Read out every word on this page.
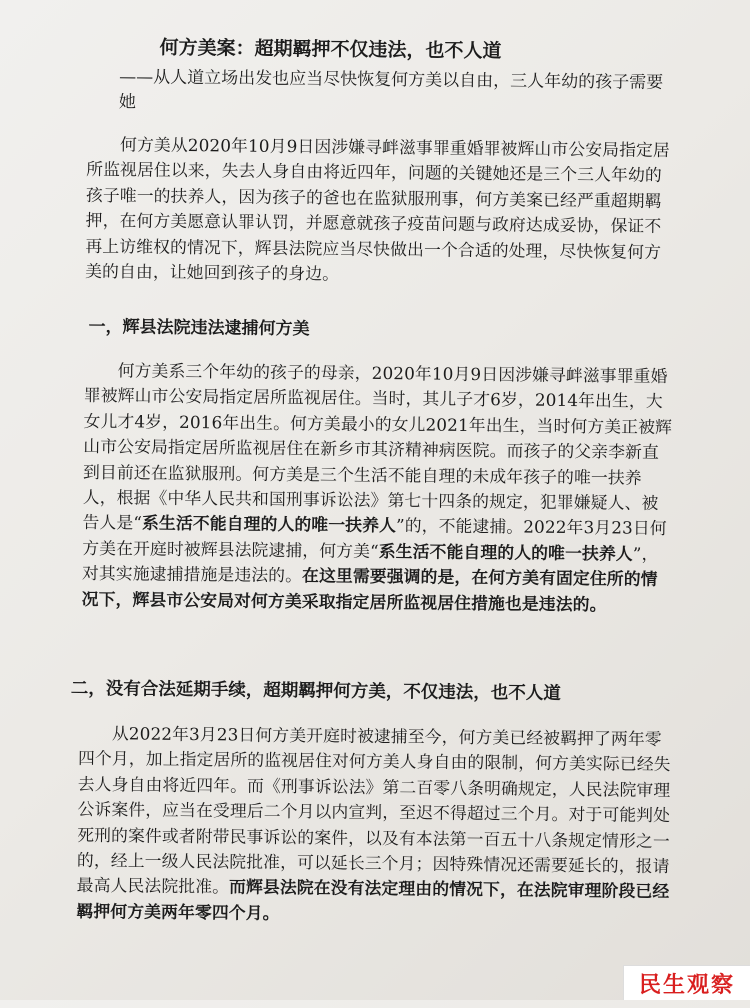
何方美案：超期羁押不仅违法，也不人道

——从人道立场出发也应当尽快恢复何方美以自由，三人年幼的孩子需要她

何方美从2020年10月9日因涉嫌寻衅滋事罪重婚罪被辉山市公安局指定居所监视居住以来，失去人身自由将近四年，问题的关键她还是三个三人年幼的孩子唯一的扶养人，因为孩子的爸也在监狱服刑事，何方美案已经严重超期羁押，在何方美愿意认罪认罚，并愿意就孩子疫苗问题与政府达成妥协，保证不再上访维权的情况下，辉县法院应当尽快做出一个合适的处理，尽快恢复何方美的自由，让她回到孩子的身边。

一，辉县法院违法逮捕何方美

何方美系三个年幼的孩子的母亲，2020年10月9日因涉嫌寻衅滋事罪重婚罪被辉山市公安局指定居所监视居住。当时，其儿子才6岁，2014年出生，大女儿才4岁，2016年出生。何方美最小的女儿2021年出生，当时何方美正被辉山市公安局指定居所监视居住在新乡市其济精神病医院。而孩子的父亲李新直到目前还在监狱服刑。何方美是三个生活不能自理的未成年孩子的唯一扶养人，根据《中华人民共和国刑事诉讼法》第七十四条的规定，犯罪嫌疑人、被告人是“系生活不能自理的人的唯一扶养人”的，不能逮捕。2022年3月23日何方美在开庭时被辉县法院逮捕，何方美“系生活不能自理的人的唯一扶养人”，对其实施逮捕措施是违法的。在这里需要强调的是，在何方美有固定住所的情况下，辉县市公安局对何方美采取指定居所监视居住措施也是违法的。

二，没有合法延期手续，超期羁押何方美，不仅违法，也不人道

从2022年3月23日何方美开庭时被逮捕至今，何方美已经被羁押了两年零四个月，加上指定居所的监视居住对何方美人身自由的限制，何方美实际已经失去人身自由将近四年。而《刑事诉讼法》第二百零八条明确规定，人民法院审理公诉案件，应当在受理后二个月以内宣判，至迟不得超过三个月。对于可能判处死刑的案件或者附带民事诉讼的案件，以及有本法第一百五十八条规定情形之一的，经上一级人民法院批准，可以延长三个月；因特殊情况还需要延长的，报请最高人民法院批准。而辉县法院在没有法定理由的情况下，在法院审理阶段已经羁押何方美两年零四个月。

民生观察
